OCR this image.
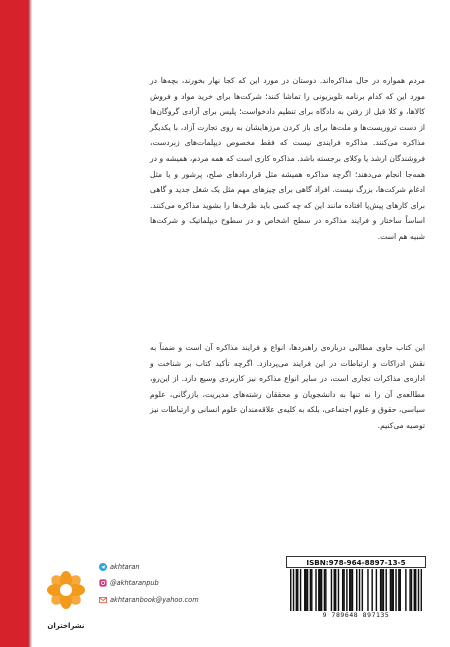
مردم همواره در حال مذاکره‌اند. دوستان در مورد این که کجا نهار بخورند، بچه‌ها در مورد این که کدام برنامه تلویزیونی را تماشا کنند؛ شرکت‌ها برای خرید مواد و فروش کالاها، و کلا قبل از رفتن به دادگاه برای تنظیم دادخواست؛ پلیس برای آزادی گروگان‌ها از دست تروریست‌ها و ملت‌ها برای باز کردن مرزهایشان به روی تجارت آزاد، با یکدیگر مذاکره می‌کنند. مذاکره فرایندی نیست که فقط مخصوص دیپلمات‌های زبردست، فروشندگان ارشد یا وکلای برجسته باشد. مذاکره کاری است که همه مردم، همیشه و در همه‌جا انجام می‌دهند؛ اگرچه مذاکره همیشه مثل قراردادهای صلح، پرشور و یا مثل ادغام شرکت‌ها، بزرگ نیست. افراد گاهی برای چیزهای مهم مثل یک شغل جدید و گاهی برای کارهای پیش‌پا افتاده مانند این که چه کسی باید ظرف‌ها را بشوید مذاکره می‌کنند. اساساً ساختار و فرایند مذاکره در سطح اشخاص و در سطوح دیپلماتیک و شرکت‌ها شبیه هم است.

این کتاب حاوی مطالبی درباره‌ی راهبردها، انواع و فرایند مذاکره آن است و ضمناً به نقش ادراکات و ارتباطات در این فرایند می‌پردازد. اگرچه تأکید کتاب بر شناخت و اداره‌ی مذاکرات تجاری است، در سایر انواع مذاکره نیز کاربردی وسیع دارد. از این‌رو، مطالعه‌ی آن را نه تنها به دانشجویان و محققان رشته‌های مدیریت، بازرگانی، علوم سیاسی، حقوق و علوم اجتماعی، بلکه به کلیه‌ی علاقه‌مندان علوم انسانی و ارتباطات نیز توصیه می‌کنیم.

نشراختران
akhtaran
@akhtaranpub
akhtaranbook@yahoo.com
ISBN:978-964-8897-13-5
9 789648 897135
